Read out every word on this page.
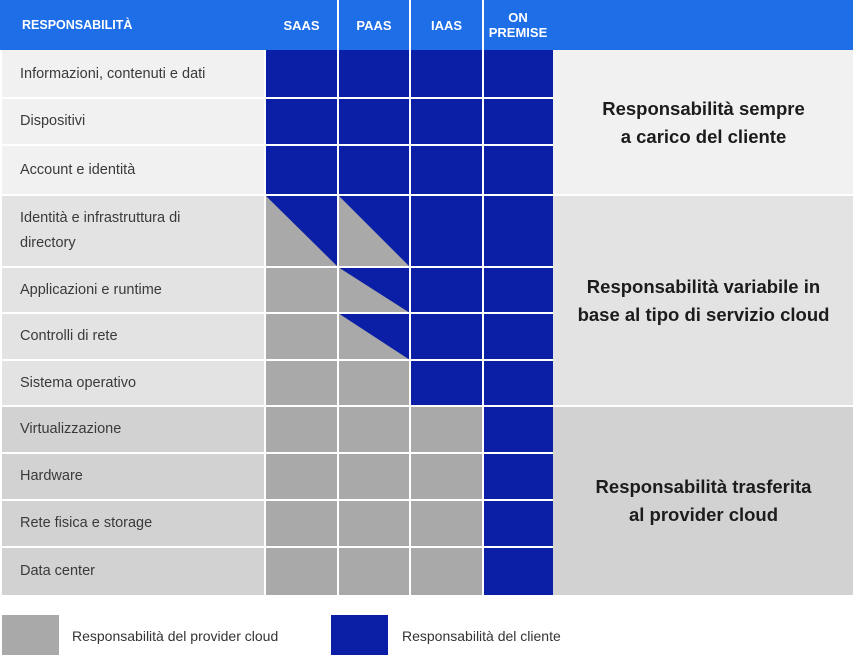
RESPONSABILITÀ	SAAS	PAAS	IAAS	ON
PREMISE
Informazioni, contenuti e dati
Dispositivi
Account e identità
Identità e infrastruttura di directory
Applicazioni e runtime
Controlli di rete
Sistema operativo
Virtualizzazione
Hardware
Rete fisica e storage
Data center
Responsabilità sempre
a carico del cliente
Responsabilità variabile in
base al tipo di servizio cloud
Responsabilità trasferita
al provider cloud
Responsabilità del provider cloud	Responsabilità del cliente
